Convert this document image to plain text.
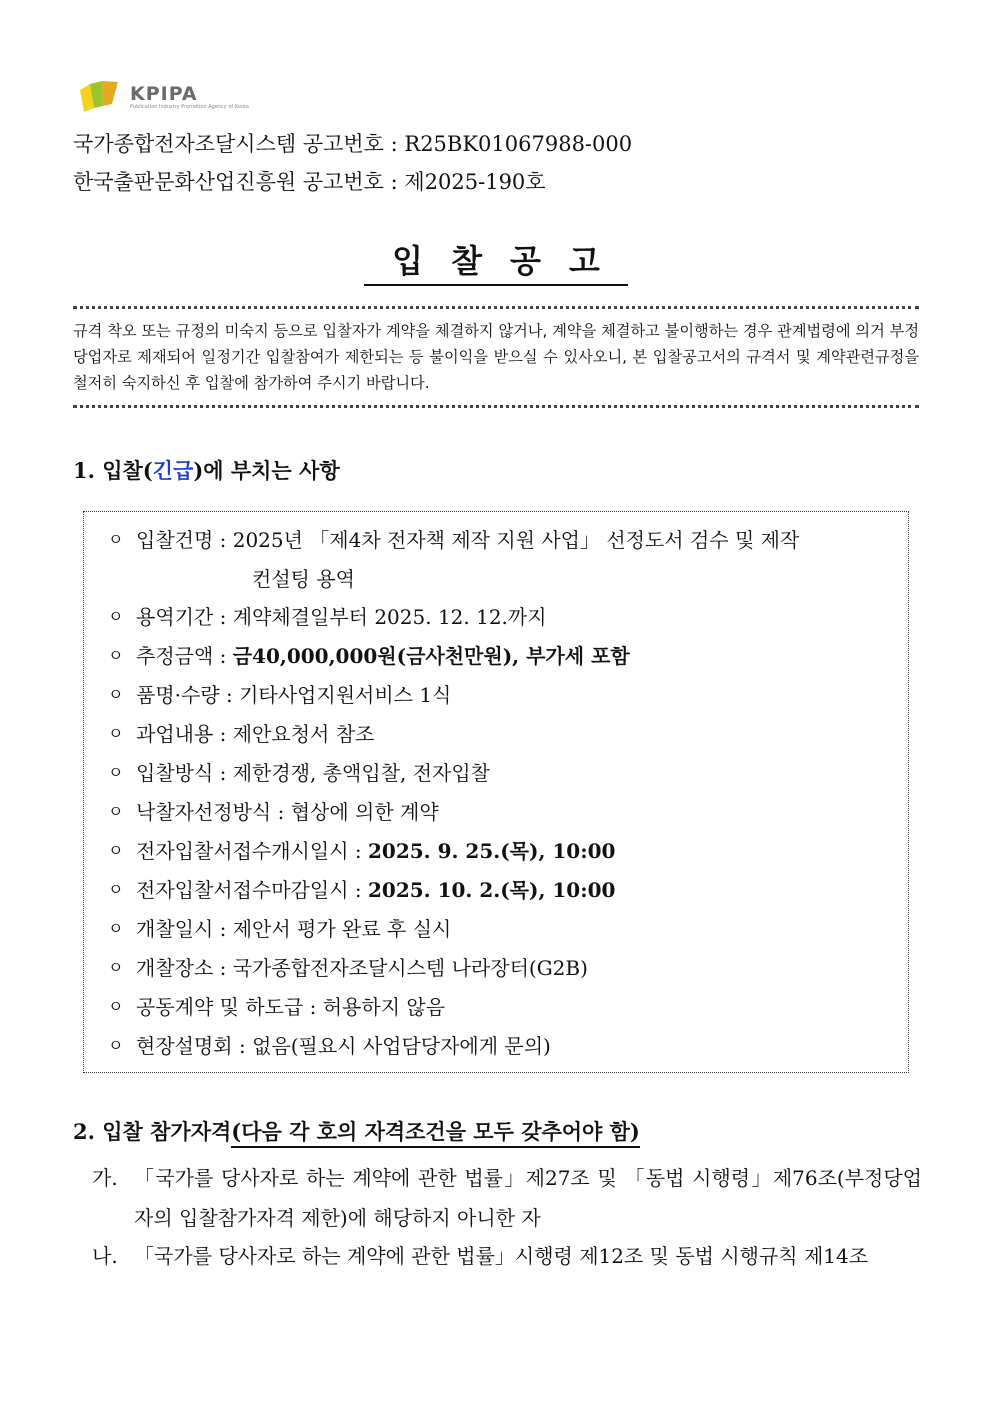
KPIPA
Publication Industry Promotion Agency of Korea
국가종합전자조달시스템 공고번호 : R25BK01067988-000
한국출판문화산업진흥원 공고번호 : 제2025-190호
입찰공고
규격 착오 또는 규정의 미숙지 등으로 입찰자가 계약을 체결하지 않거나, 계약을 체결하고 불이행하는 경우 관계법령에 의거 부정당업자로 제재되어 일정기간 입찰참여가 제한되는 등 불이익을 받으실 수 있사오니, 본 입찰공고서의 규격서 및 계약관련규정을 철저히 숙지하신 후 입찰에 참가하여 주시기 바랍니다.
1. 입찰(긴급)에 부치는 사항
ㅇ 입찰건명 : 2025년 「제4차 전자책 제작 지원 사업」 선정도서 검수 및 제작
컨설팅 용역
ㅇ 용역기간 : 계약체결일부터 2025. 12. 12.까지
ㅇ 추정금액 : 금40,000,000원(금사천만원), 부가세 포함
ㅇ 품명·수량 : 기타사업지원서비스 1식
ㅇ 과업내용 : 제안요청서 참조
ㅇ 입찰방식 : 제한경쟁, 총액입찰, 전자입찰
ㅇ 낙찰자선정방식 : 협상에 의한 계약
ㅇ 전자입찰서접수개시일시 : 2025. 9. 25.(목), 10:00
ㅇ 전자입찰서접수마감일시 : 2025. 10. 2.(목), 10:00
ㅇ 개찰일시 : 제안서 평가 완료 후 실시
ㅇ 개찰장소 : 국가종합전자조달시스템 나라장터(G2B)
ㅇ 공동계약 및 하도급 : 허용하지 않음
ㅇ 현장설명회 : 없음(필요시 사업담당자에게 문의)
2. 입찰 참가자격(다음 각 호의 자격조건을 모두 갖추어야 함)
가. 「국가를 당사자로 하는 계약에 관한 법률」제27조 및 「동법 시행령」제76조(부정당업자의 입찰참가자격 제한)에 해당하지 아니한 자
나. 「국가를 당사자로 하는 계약에 관한 법률」시행령 제12조 및 동법 시행규칙 제14조
